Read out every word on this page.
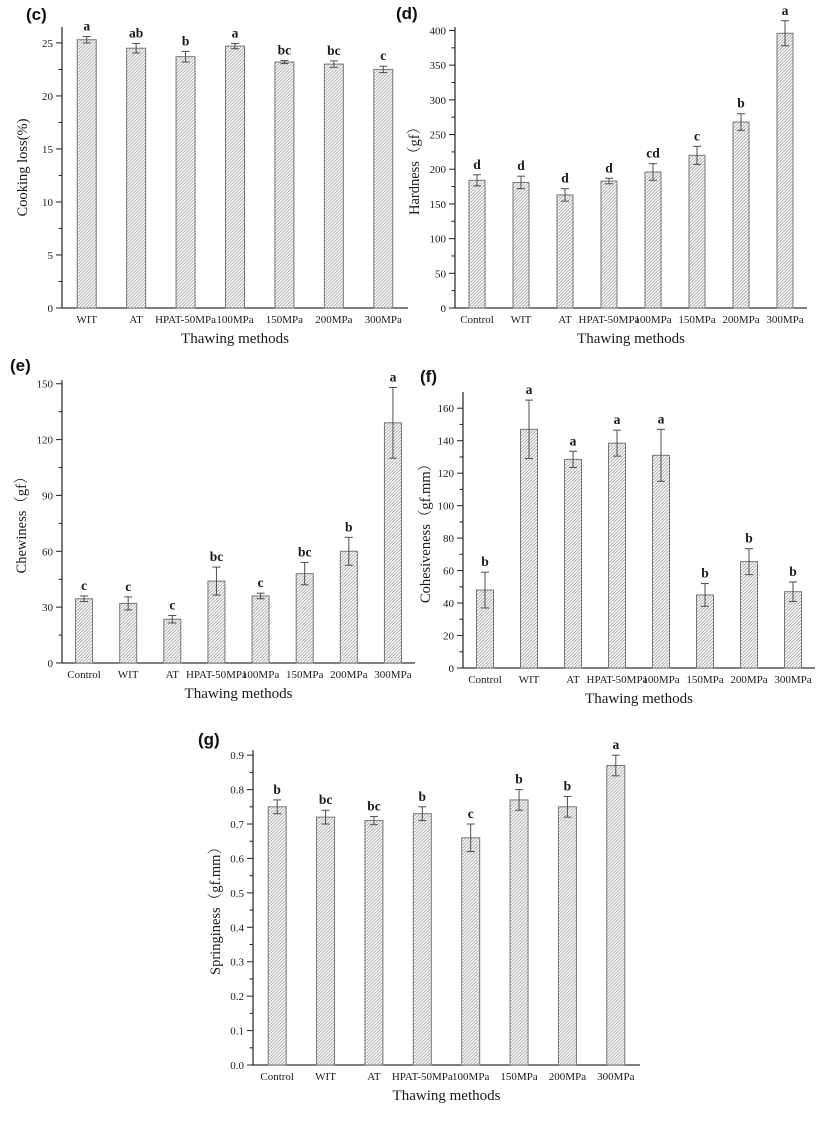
(c)	(d)
(e)
(f)
(g)
0
5
10
15
20
25
a	ab
b
a
bc	bc	c
WIT	AT HPAT-50MPa 100MPa 150MPa 200MPa 300MPa
Thawing methods
Cooking loss(%)
0
50
100
150
200
250
300
350
400
d	d
d
d
cd
c
b
a
Control WIT AT HPAT-50MPa
100MPa 150MPa 200MPa 300MPa
Thawing methods
Hardness（gf）
0
30
60
90
120
150
c	c
c
bc
c
bc
b
a
Control WIT AT HPAT-50MPa
100MPa 150MPa 200MPa 300MPa
Thawing methods
Chewiness（gf）
0
20
40
60
80
100
120
140
160
b
a
a
a	a
b
b
b
Control WIT AT HPAT-50MPa
100MPa 150MPa 200MPa 300MPa
Thawing methods
Cohesiveness（gf.mm）
0.0
0.1
0.2
0.3
0.4
0.5
0.6
0.7
0.8
0.9
b
bc	bc
b
c
b	b
a
Control WIT	AT HPAT-50MPa 100MPa 150MPa 200MPa 300MPa
Thawing methods
Springiness（gf.mm）
